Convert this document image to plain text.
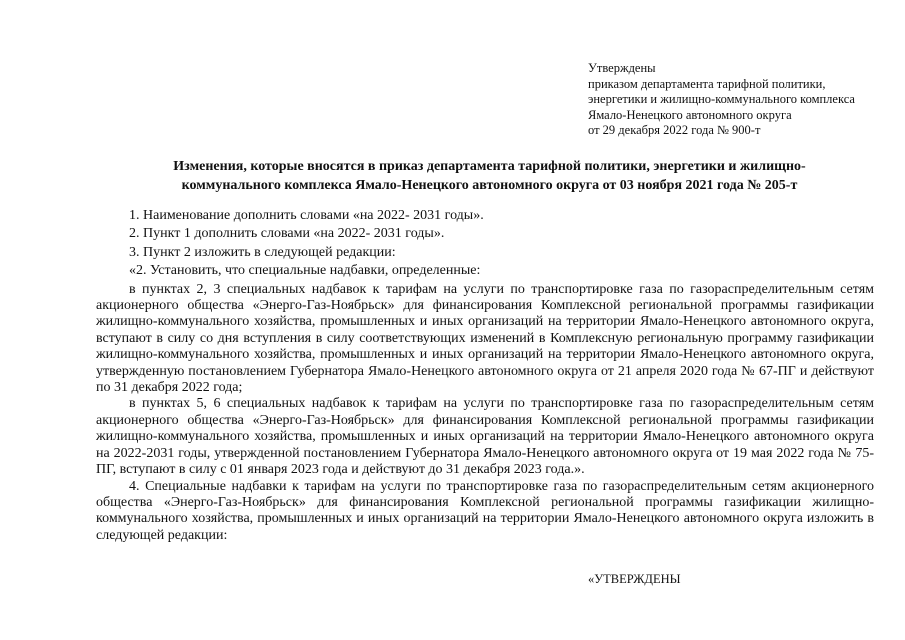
Утверждены
приказом департамента тарифной политики,
энергетики и жилищно-коммунального комплекса
Ямало-Ненецкого автономного округа
от 29 декабря 2022 года № 900-т
Изменения, которые вносятся в приказ департамента тарифной политики, энергетики и жилищно-
коммунального комплекса Ямало-Ненецкого автономного округа от 03 ноября 2021 года № 205-т

1. Наименование дополнить словами «на 2022- 2031 годы».

2. Пункт 1 дополнить словами «на 2022- 2031 годы».

3. Пункт 2 изложить в следующей редакции:

«2. Установить, что специальные надбавки, определенные:

в пунктах 2, 3 специальных надбавок к тарифам на услуги по транспортировке газа по газораспределительным сетям акционерного общества «Энерго-Газ-Ноябрьск» для финансирования Комплексной региональной программы газификации жилищно-коммунального хозяйства, промышленных и иных организаций на территории Ямало-Ненецкого автономного округа, вступают в силу со дня вступления в силу соответствующих изменений в Комплексную региональную программу газификации жилищно-коммунального хозяйства, промышленных и иных организаций на территории Ямало-Ненецкого автономного округа, утвержденную постановлением Губернатора Ямало-Ненецкого автономного округа от 21 апреля 2020 года № 67-ПГ и действуют по 31 декабря 2022 года;

в пунктах 5, 6 специальных надбавок к тарифам на услуги по транспортировке газа по газораспределительным сетям акционерного общества «Энерго-Газ-Ноябрьск» для финансирования Комплексной региональной программы газификации жилищно-коммунального хозяйства, промышленных и иных организаций на территории Ямало-Ненецкого автономного округа на 2022-2031 годы, утвержденной постановлением Губернатора Ямало-Ненецкого автономного округа от 19 мая 2022 года № 75-ПГ, вступают в силу с 01 января 2023 года и действуют до 31 декабря 2023 года.».

4. Специальные надбавки к тарифам на услуги по транспортировке газа по газораспределительным сетям акционерного общества «Энерго-Газ-Ноябрьск» для финансирования Комплексной региональной программы газификации жилищно-коммунального хозяйства, промышленных и иных организаций на территории Ямало-Ненецкого автономного округа изложить в следующей редакции:

«УТВЕРЖДЕНЫ
